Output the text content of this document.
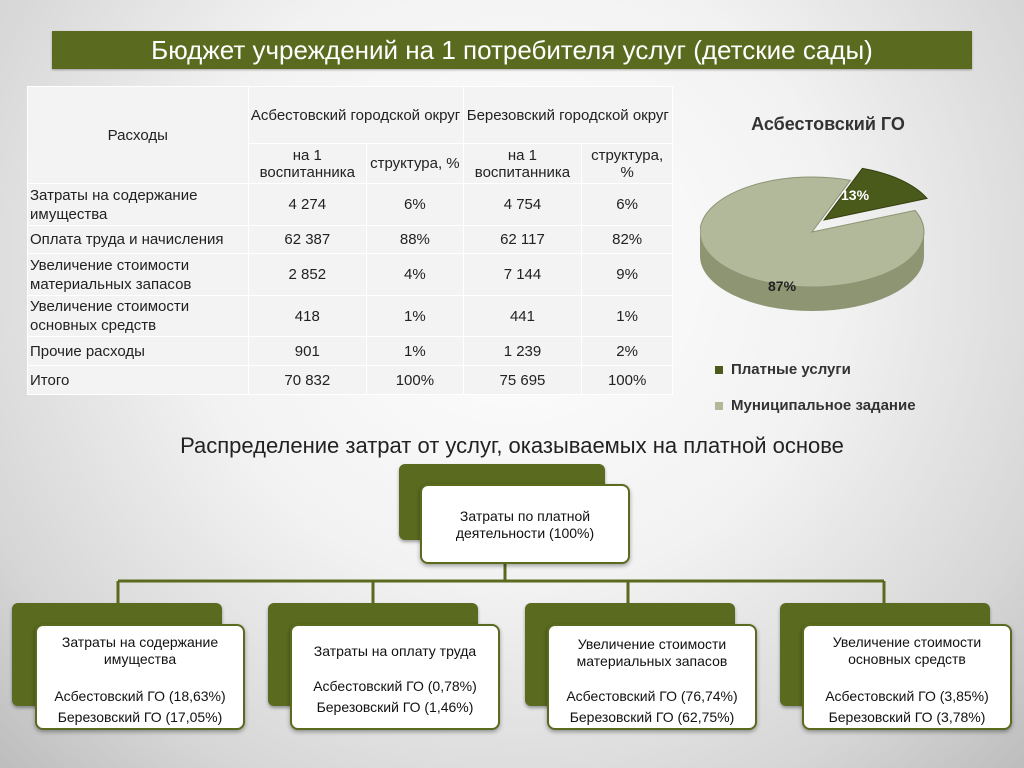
Бюджет учреждений на 1 потребителя услуг (детские сады)
Расходы	Асбестовский городской округ		Березовский городской округ	
	на 1 воспитанника	структура, %	на 1 воспитанника	структура, %
Затраты на содержание имущества	4 274	6%	4 754	6%
Оплата труда и начисления	62 387	88%	62 117	82%
Увеличение стоимости материальных запасов	2 852	4%	7 144	9%
Увеличение стоимости основных средств	418	1%	441	1%
Прочие расходы	901	1%	1 239	2%
Итого	70 832	100%	75 695	100%
Асбестовский ГО
13%
87%
Платные услуги
Муниципальное задание
Распределение затрат от услуг, оказываемых на платной основе
Затраты по платной деятельности (100%)
Затраты на содержание имущества
Асбестовский ГО (18,63%)
Березовский ГО (17,05%)
Затраты на оплату труда
Асбестовский ГО (0,78%)
Березовский ГО (1,46%)
Увеличение стоимости материальных запасов
Асбестовский ГО (76,74%)
Березовский ГО (62,75%)
Увеличение стоимости основных средств
Асбестовский ГО (3,85%)
Березовский ГО (3,78%)
